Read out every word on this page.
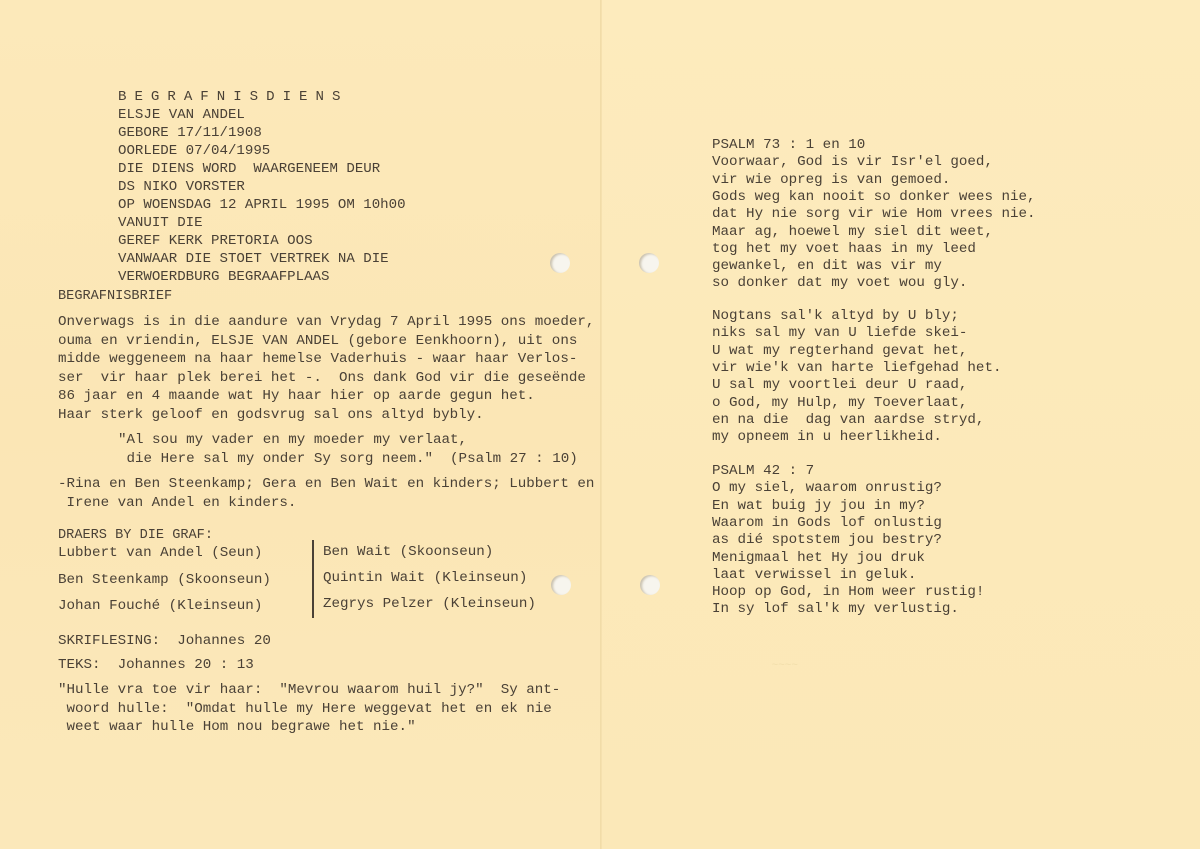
BEGRAFNISDIENS
ELSJE VAN ANDEL
GEBORE 17/11/1908
OORLEDE 07/04/1995
DIE DIENS WORD  WAARGENEEM DEUR
DS NIKO VORSTER
OP WOENSDAG 12 APRIL 1995 OM 10h00
VANUIT DIE
GEREF KERK PRETORIA OOS
VANWAAR DIE STOET VERTREK NA DIE
VERWOERDBURG BEGRAAFPLAAS
BEGRAFNISBRIEF
Onverwags is in die aandure van Vrydag 7 April 1995 ons moeder,
ouma en vriendin, ELSJE VAN ANDEL (gebore Eenkhoorn), uit ons
midde weggeneem na haar hemelse Vaderhuis - waar haar Verlos-
ser  vir haar plek berei het -.  Ons dank God vir die geseënde
86 jaar en 4 maande wat Hy haar hier op aarde gegun het.
Haar sterk geloof en godsvrug sal ons altyd bybly.
"Al sou my vader en my moeder my verlaat,
die Here sal my onder Sy sorg neem."  (Psalm 27 : 10)
-Rina en Ben Steenkamp; Gera en Ben Wait en kinders; Lubbert en
Irene van Andel en kinders.
DRAERS BY DIE GRAF:
Lubbert van Andel (Seun)
Ben Steenkamp (Skoonseun)
Johan Fouché (Kleinseun)
Ben Wait (Skoonseun)
Quintin Wait (Kleinseun)
Zegrys Pelzer (Kleinseun)
SKRIFLESING:  Johannes 20
TEKS:  Johannes 20 : 13
"Hulle vra toe vir haar:  "Mevrou waarom huil jy?"  Sy ant-
woord hulle:  "Omdat hulle my Here weggevat het en ek nie
weet waar hulle Hom nou begrawe het nie."
~~~~
PSALM 73 : 1 en 10
Voorwaar, God is vir Isr'el goed,
vir wie opreg is van gemoed.
Gods weg kan nooit so donker wees nie,
dat Hy nie sorg vir wie Hom vrees nie.
Maar ag, hoewel my siel dit weet,
tog het my voet haas in my leed
gewankel, en dit was vir my
so donker dat my voet wou gly.
Nogtans sal'k altyd by U bly;
niks sal my van U liefde skei-
U wat my regterhand gevat het,
vir wie'k van harte liefgehad het.
U sal my voortlei deur U raad,
o God, my Hulp, my Toeverlaat,
en na die  dag van aardse stryd,
my opneem in u heerlikheid.
PSALM 42 : 7
O my siel, waarom onrustig?
En wat buig jy jou in my?
Waarom in Gods lof onlustig
as dié spotstem jou bestry?
Menigmaal het Hy jou druk
laat verwissel in geluk.
Hoop op God, in Hom weer rustig!
In sy lof sal'k my verlustig.
